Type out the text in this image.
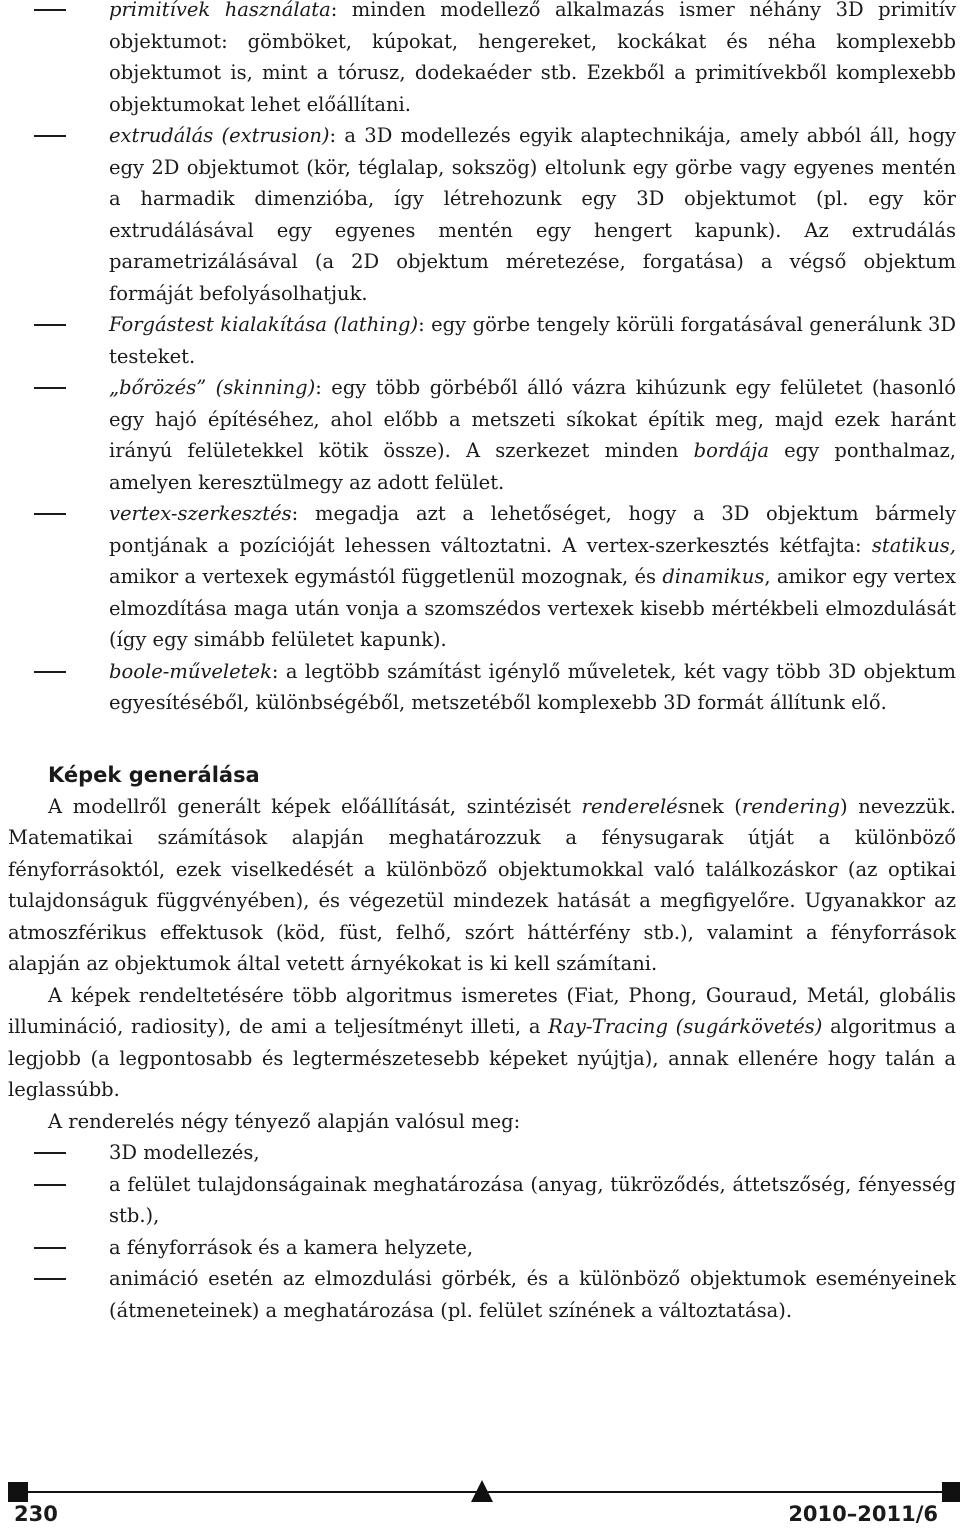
primitívek használata: minden modellező alkalmazás ismer néhány 3D primitív objektumot: gömböket, kúpokat, hengereket, kockákat és néha komplexebb objektumot is, mint a tórusz, dodekaéder stb. Ezekből a primitívekből komplexebb objektumokat lehet előállítani.
extrudálás (extrusion): a 3D modellezés egyik alaptechnikája, amely abból áll, hogy egy 2D objektumot (kör, téglalap, sokszög) eltolunk egy görbe vagy egyenes mentén a harmadik dimenzióba, így létrehozunk egy 3D objektumot (pl. egy kör extrudálásával egy egyenes mentén egy hengert kapunk). Az extrudálás parametrizálásával (a 2D objektum méretezése, forgatása) a végső objektum formáját befolyásolhatjuk.
Forgástest kialakítása (lathing): egy görbe tengely körüli forgatásával generálunk 3D testeket.
„bőrözés” (skinning): egy több görbéből álló vázra kihúzunk egy felületet (hasonló egy hajó építéséhez, ahol előbb a metszeti síkokat építik meg, majd ezek haránt irányú felületekkel kötik össze). A szerkezet minden bordája egy ponthalmaz, amelyen keresztülmegy az adott felület.
vertex-szerkesztés: megadja azt a lehetőséget, hogy a 3D objektum bármely pontjának a pozícióját lehessen változtatni. A vertex-szerkesztés kétfajta: statikus, amikor a vertexek egymástól függetlenül mozognak, és dinamikus, amikor egy vertex elmozdítása maga után vonja a szomszédos vertexek kisebb mértékbeli elmozdulását (így egy simább felületet kapunk).
boole-műveletek: a legtöbb számítást igénylő műveletek, két vagy több 3D objektum egyesítéséből, különbségéből, metszetéből komplexebb 3D formát állítunk elő.
Képek generálása

A modellről generált képek előállítását, szintézisét renderelésnek (rendering) nevezzük. Matematikai számítások alapján meghatározzuk a fénysugarak útját a különböző fényforrásoktól, ezek viselkedését a különböző objektumokkal való találkozáskor (az optikai tulajdonságuk függvényében), és végezetül mindezek hatását a megfigyelőre. Ugyanakkor az atmoszférikus effektusok (köd, füst, felhő, szórt háttérfény stb.), valamint a fényforrások alapján az objektumok által vetett árnyékokat is ki kell számítani.

A képek rendeltetésére több algoritmus ismeretes (Fiat, Phong, Gouraud, Metál, globális illumináció, radiosity), de ami a teljesítményt illeti, a Ray-Tracing (sugárkövetés) algoritmus a legjobb (a legpontosabb és legtermészetesebb képeket nyújtja), annak ellenére hogy talán a leglassúbb.

A renderelés négy tényező alapján valósul meg:

3D modellezés,
a felület tulajdonságainak meghatározása (anyag, tükröződés, áttetszőség, fényesség stb.),
a fényforrások és a kamera helyzete,
animáció esetén az elmozdulási görbék, és a különböző objektumok eseményeinek (átmeneteinek) a meghatározása (pl. felület színének a változtatása).
230	2010–2011/6
